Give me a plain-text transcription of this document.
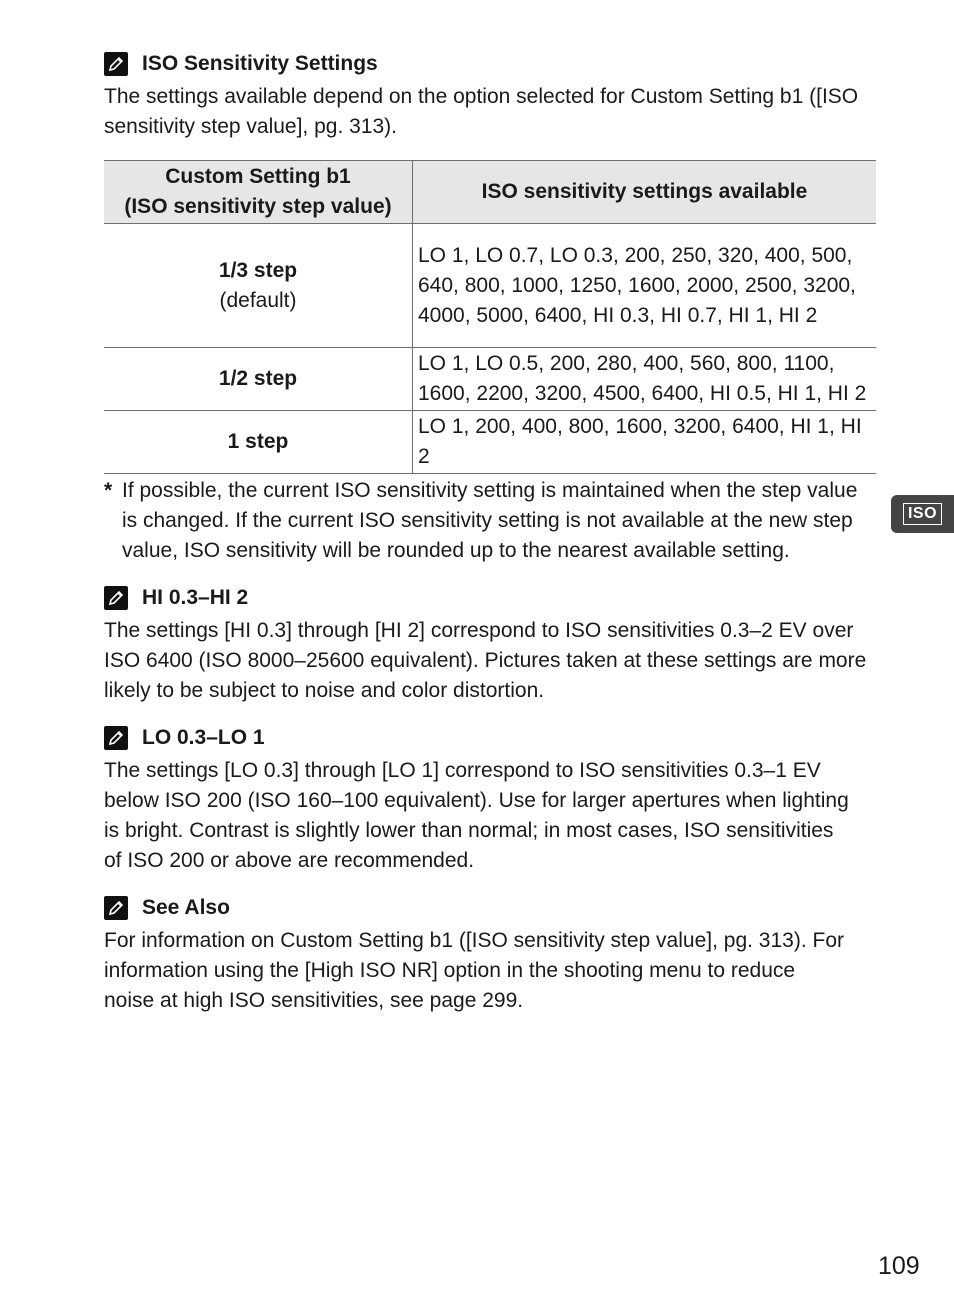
ISO Sensitivity Settings

The settings available depend on the option selected for Custom Setting b1 ([ISO sensitivity step value], pg. 313).

Custom Setting b1
(ISO sensitivity step value)	ISO sensitivity settings available

1/3 step
(default)	LO 1, LO 0.7, LO 0.3, 200, 250, 320, 400, 500, 640, 800, 1000, 1250, 1600, 2000, 2500, 3200, 4000, 5000, 6400, HI 0.3, HI 0.7, HI 1, HI 2

1/2 step	LO 1, LO 0.5, 200, 280, 400, 560, 800, 1100, 1600, 2200, 3200, 4500, 6400, HI 0.5, HI 1, HI 2

1 step	LO 1, 200, 400, 800, 1600, 3200, 6400, HI 1, HI 2
* If possible, the current ISO sensitivity setting is maintained when the step value is changed. If the current ISO sensitivity setting is not available at the new step value, ISO sensitivity will be rounded up to the nearest available setting.
HI 0.3–HI 2

The settings [HI 0.3] through [HI 2] correspond to ISO sensitivities 0.3–2 EV over ISO 6400 (ISO 8000–25600 equivalent). Pictures taken at these settings are more likely to be subject to noise and color distortion.

LO 0.3–LO 1

The settings [LO 0.3] through [LO 1] correspond to ISO sensitivities 0.3–1 EV below ISO 200 (ISO 160–100 equivalent). Use for larger apertures when lighting is bright. Contrast is slightly lower than normal; in most cases, ISO sensitivities of ISO 200 or above are recommended.

See Also

For information on Custom Setting b1 ([ISO sensitivity step value], pg. 313). For information using the [High ISO NR] option in the shooting menu to reduce noise at high ISO sensitivities, see page 299.

ISO
109
